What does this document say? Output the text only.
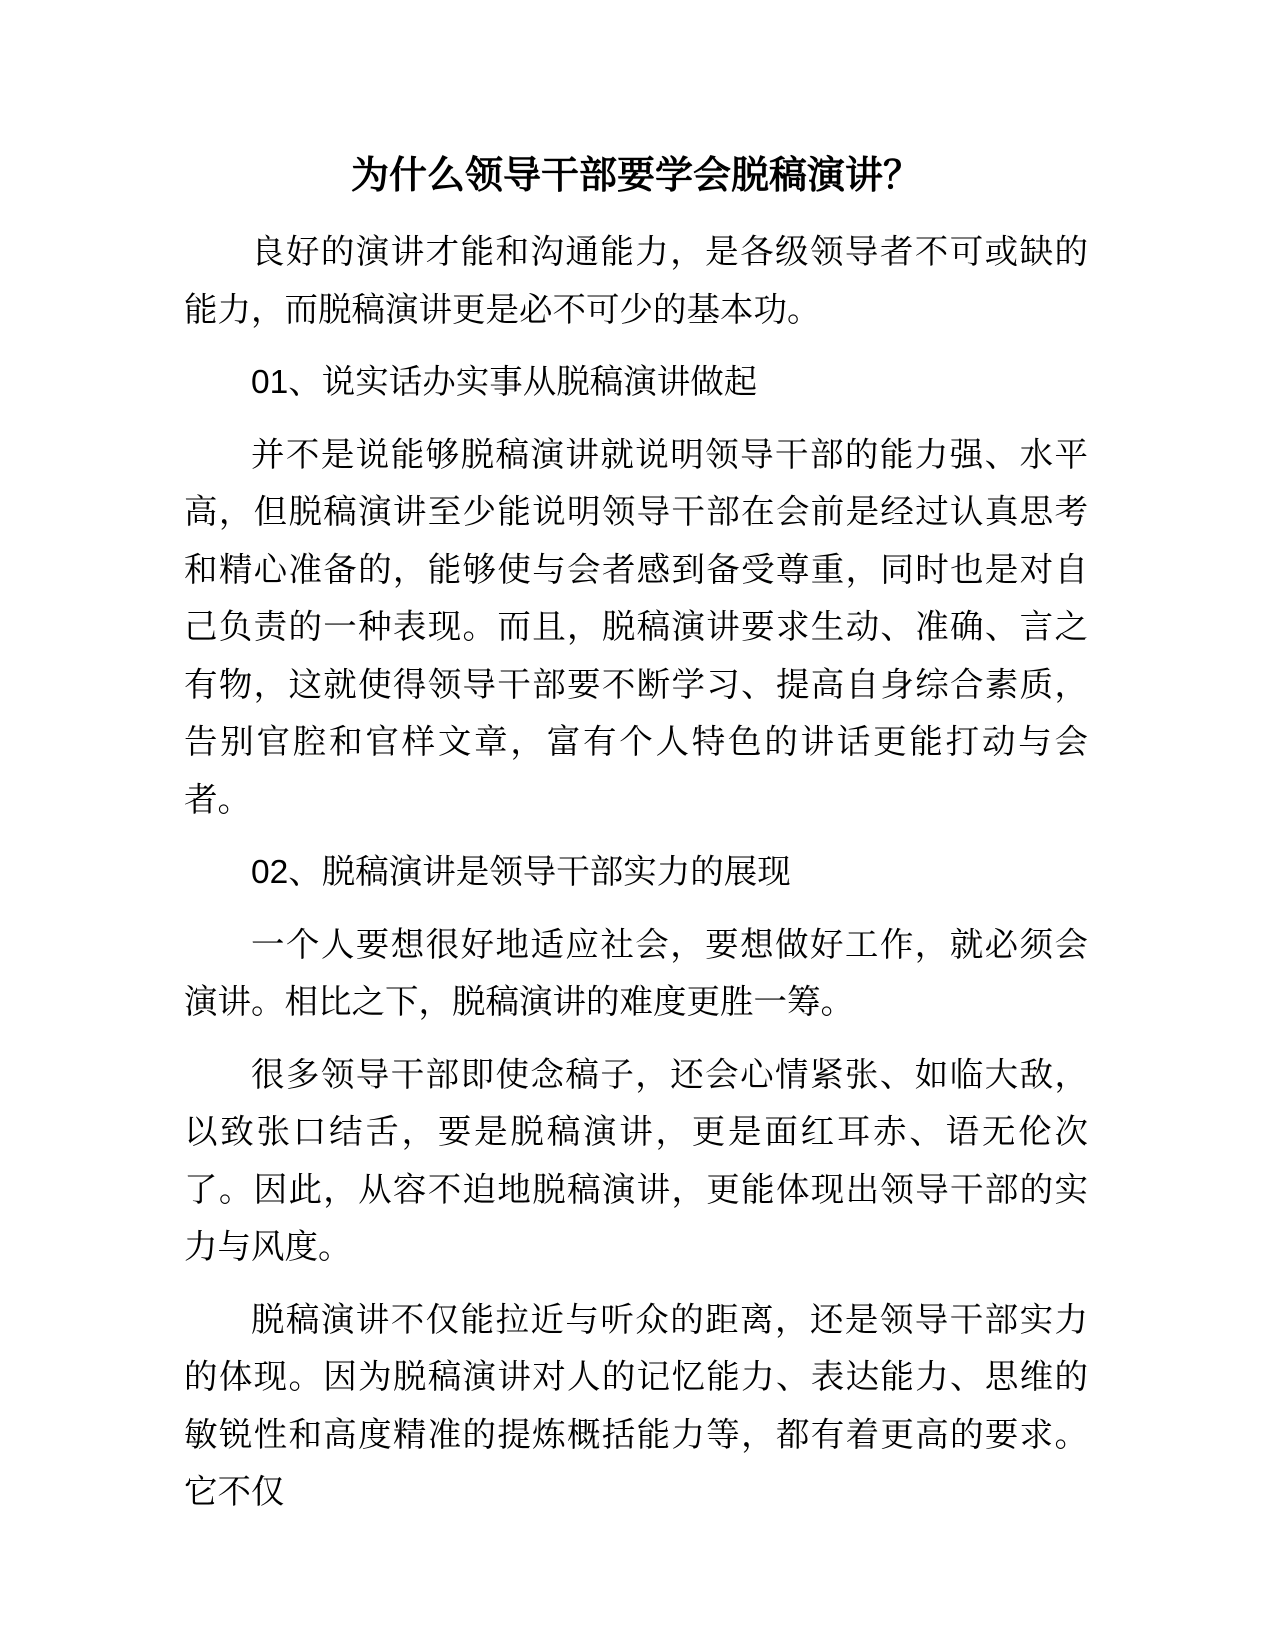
为什么领导干部要学会脱稿演讲？

良好的演讲才能和沟通能力，是各级领导者不可或缺的能力，而脱稿演讲更是必不可少的基本功。

01、说实话办实事从脱稿演讲做起

并不是说能够脱稿演讲就说明领导干部的能力强、水平高，但脱稿演讲至少能说明领导干部在会前是经过认真思考和精心准备的，能够使与会者感到备受尊重，同时也是对自己负责的一种表现。而且，脱稿演讲要求生动、准确、言之有物，这就使得领导干部要不断学习、提高自身综合素质，告别官腔和官样文章，富有个人特色的讲话更能打动与会者。

02、脱稿演讲是领导干部实力的展现

一个人要想很好地适应社会，要想做好工作，就必须会演讲。相比之下，脱稿演讲的难度更胜一筹。

很多领导干部即使念稿子，还会心情紧张、如临大敌，以致张口结舌，要是脱稿演讲，更是面红耳赤、语无伦次了。因此，从容不迫地脱稿演讲，更能体现出领导干部的实力与风度。

脱稿演讲不仅能拉近与听众的距离，还是领导干部实力的体现。因为脱稿演讲对人的记忆能力、表达能力、思维的敏锐性和高度精准的提炼概括能力等，都有着更高的要求。它不仅
